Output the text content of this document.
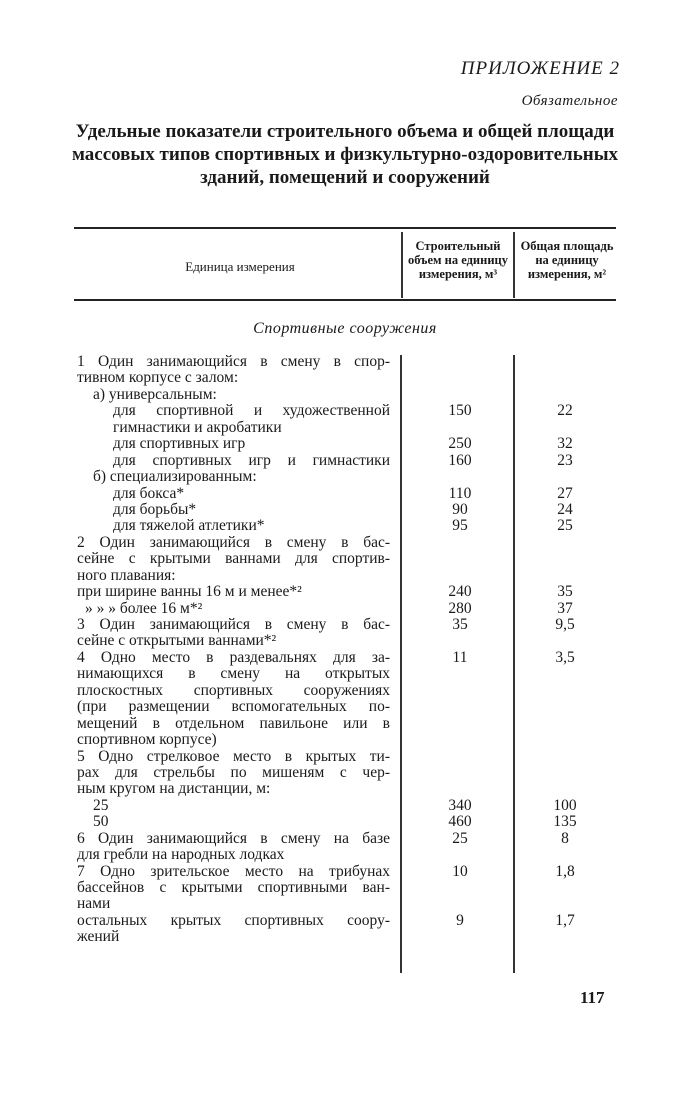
ПРИЛОЖЕНИЕ 2
Обязательное
Удельные показатели строительного объема и общей площади массовых типов спортивных и физкультурно-оздоровительных зданий, помещений и сооружений
Единица измерения
Строительный объем на единицу измерения, м³
Общая площадь на единицу измерения, м²
Спортивные сооружения
1 Один занимающийся в смену в спор-
тивном корпусе с залом:
а) универсальным:
для спортивной и художественной	150	22
гимнастики и акробатики
для спортивных игр	250	32
для спортивных игр и гимнастики	160	23
б) специализированным:
для бокса*	110	27
для борьбы*	90	24
для тяжелой атлетики*	95	25
2 Один занимающийся в смену в бас-
сейне с крытыми ваннами для спортив-
ного плавания:
при ширине ванны 16 м и менее*²	240	35
» » » более 16 м*²	280	37
3 Один занимающийся в смену в бас-	35	9,5
сейне с открытыми ваннами*²
4 Одно место в раздевальнях для за-	11	3,5
нимающихся в смену на открытых
плоскостных спортивных сооружениях
(при размещении вспомогательных по-
мещений в отдельном павильоне или в
спортивном корпусе)
5 Одно стрелковое место в крытых ти-
рах для стрельбы по мишеням с чер-
ным кругом на дистанции, м:
25	340	100
50	460	135
6 Один занимающийся в смену на базе	25	8
для гребли на народных лодках
7 Одно зрительское место на трибунах	10	1,8
бассейнов с крытыми спортивными ван-
нами
остальных крытых спортивных соору-	9	1,7
жений
117
